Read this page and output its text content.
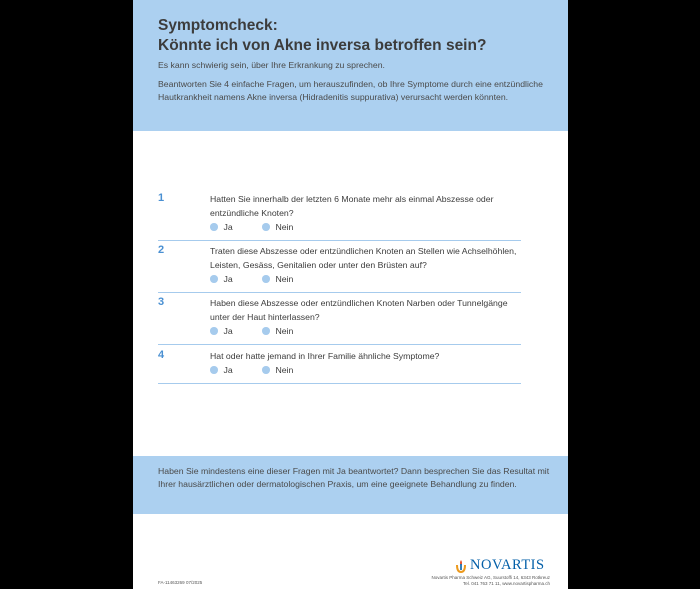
Symptomcheck:
Könnte ich von Akne inversa betroffen sein?
Es kann schwierig sein, über Ihre Erkrankung zu sprechen.
Beantworten Sie 4 einfache Fragen, um herauszufinden, ob Ihre Symptome durch eine entzündliche Hautkrankheit namens Akne inversa (Hidradenitis suppurativa) verursacht werden könnten.
1	Hatten Sie innerhalb der letzten 6 Monate mehr als einmal Abszesse oder entzündliche Knoten?
Ja	Nein
2	Traten diese Abszesse oder entzündlichen Knoten an Stellen wie Achselhöhlen, Leisten, Gesäss, Genitalien oder unter den Brüsten auf?
Ja	Nein
3	Haben diese Abszesse oder entzündlichen Knoten Narben oder Tunnelgänge unter der Haut hinterlassen?
Ja	Nein
4	Hat oder hatte jemand in Ihrer Familie ähnliche Symptome?
Ja	Nein
Haben Sie mindestens eine dieser Fragen mit Ja beantwortet? Dann besprechen Sie das Resultat mit Ihrer hausärztlichen oder dermatologischen Praxis, um eine geeignete Behandlung zu finden.
FA-11463269 07/2025
NOVARTIS
Novartis Pharma Schweiz AG, Suurstoffi 14, 6343 Rotkreuz
Tel. 041 763 71 11, www.novartispharma.ch
